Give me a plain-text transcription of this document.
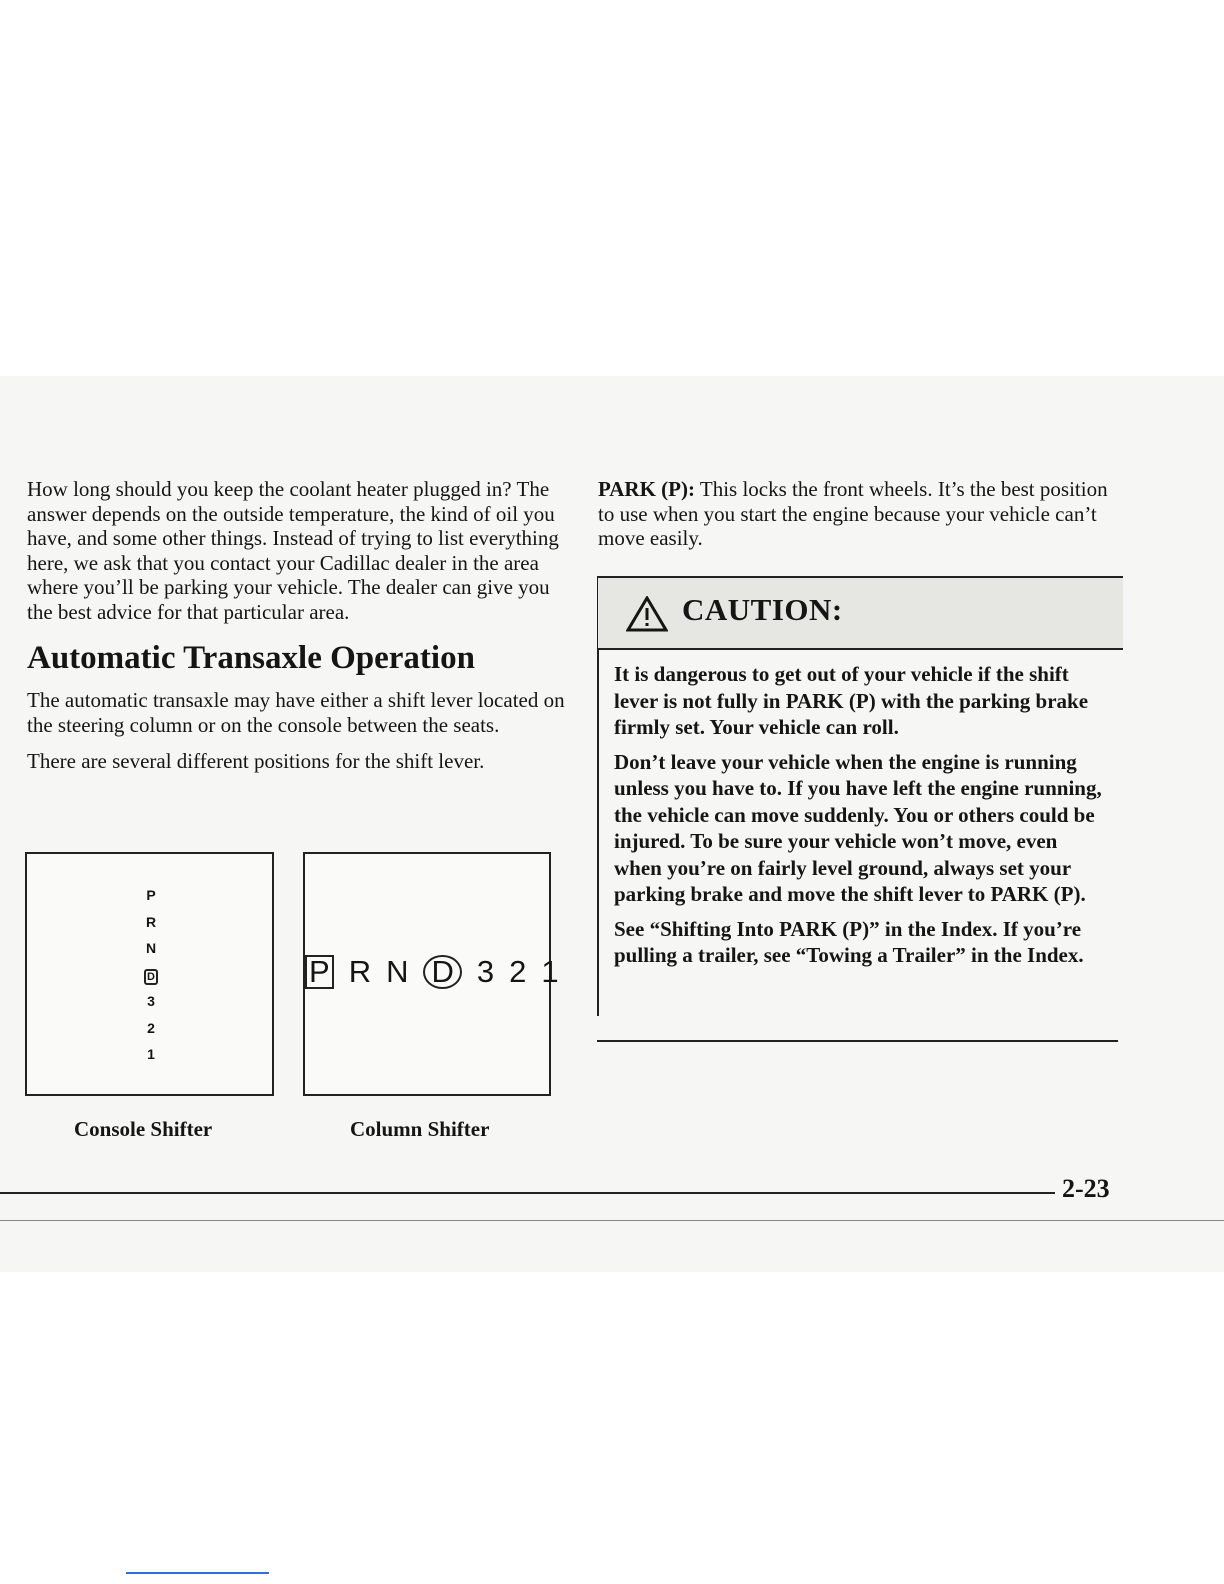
How long should you keep the coolant heater plugged in? The answer depends on the outside temperature, the kind of oil you have, and some other things. Instead of trying to list everything here, we ask that you contact your Cadillac dealer in the area where you’ll be parking your vehicle. The dealer can give you the best advice for that particular area.

Automatic Transaxle Operation

The automatic transaxle may have either a shift lever located on the steering column or on the console between the seats.

There are several different positions for the shift lever.

P
R
N
D
3
2
1
P R N D 3 2 1
Console Shifter	Column Shifter

PARK (P): This locks the front wheels. It’s the best position to use when you start the engine because your vehicle can’t move easily.

CAUTION:

It is dangerous to get out of your vehicle if the shift lever is not fully in PARK (P) with the parking brake firmly set. Your vehicle can roll.

Don’t leave your vehicle when the engine is running unless you have to. If you have left the engine running, the vehicle can move suddenly. You or others could be injured. To be sure your vehicle won’t move, even when you’re on fairly level ground, always set your parking brake and move the shift lever to PARK (P).

See “Shifting Into PARK (P)” in the Index. If you’re pulling a trailer, see “Towing a Trailer” in the Index.

2-23
